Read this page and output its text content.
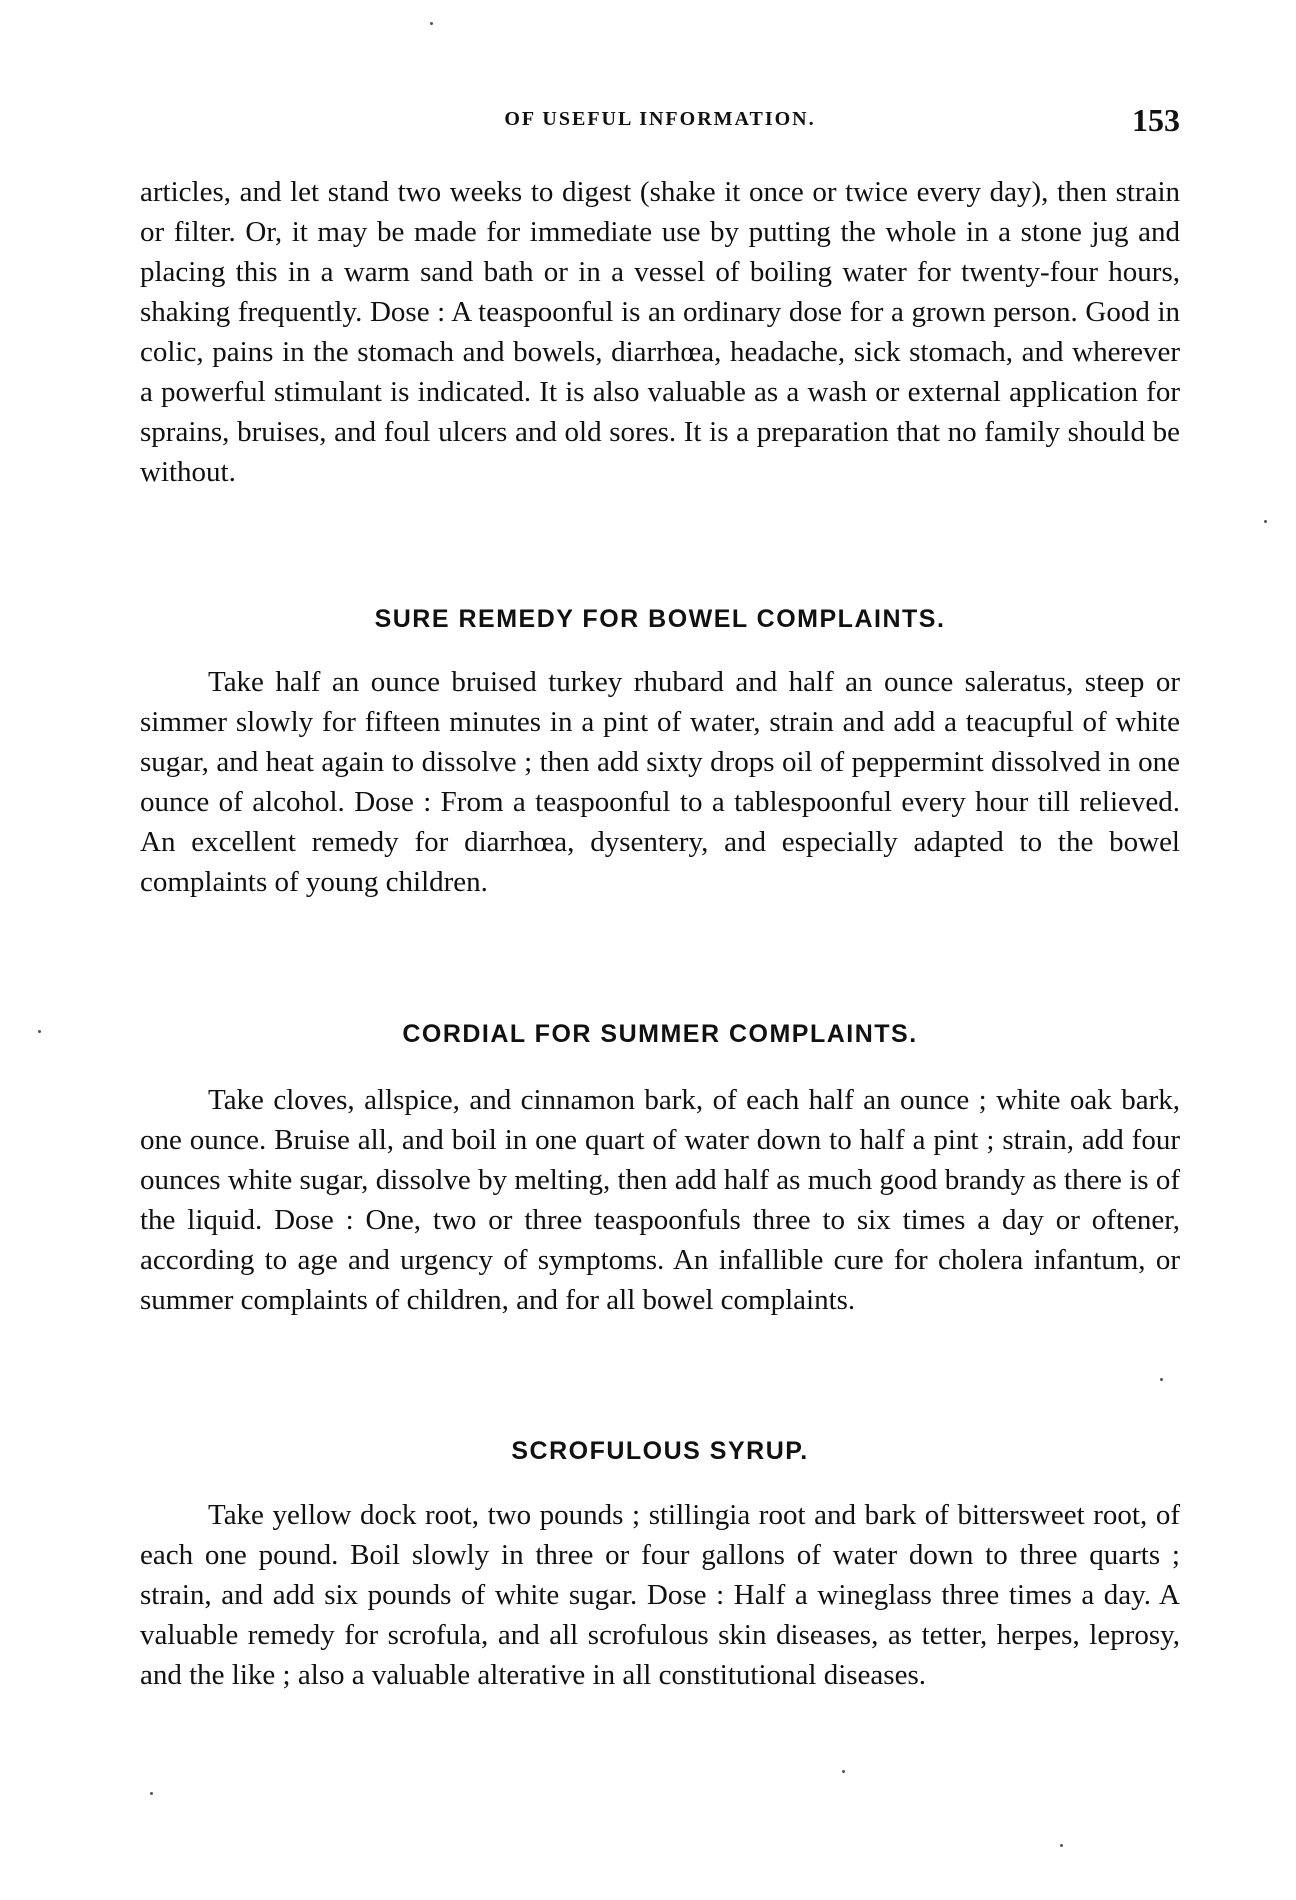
OF USEFUL INFORMATION.	153

articles, and let stand two weeks to digest (shake it once or twice every day), then strain or filter. Or, it may be made for immediate use by putting the whole in a stone jug and placing this in a warm sand bath or in a vessel of boiling water for twenty-four hours, shaking frequently. Dose : A teaspoonful is an ordinary dose for a grown person. Good in colic, pains in the stomach and bowels, diarrhœa, headache, sick stomach, and wherever a powerful stimulant is indicated. It is also valuable as a wash or external application for sprains, bruises, and foul ulcers and old sores. It is a preparation that no family should be without.

SURE REMEDY FOR BOWEL COMPLAINTS.

Take half an ounce bruised turkey rhubard and half an ounce saleratus, steep or simmer slowly for fifteen minutes in a pint of water, strain and add a teacupful of white sugar, and heat again to dissolve ; then add sixty drops oil of peppermint dissolved in one ounce of alcohol. Dose : From a teaspoonful to a tablespoonful every hour till relieved. An excellent remedy for diarrhœa, dysentery, and especially adapted to the bowel complaints of young children.

CORDIAL FOR SUMMER COMPLAINTS.

Take cloves, allspice, and cinnamon bark, of each half an ounce ; white oak bark, one ounce. Bruise all, and boil in one quart of water down to half a pint ; strain, add four ounces white sugar, dissolve by melting, then add half as much good brandy as there is of the liquid. Dose : One, two or three teaspoonfuls three to six times a day or oftener, according to age and urgency of symptoms. An infallible cure for cholera infantum, or summer complaints of children, and for all bowel complaints.

SCROFULOUS SYRUP.

Take yellow dock root, two pounds ; stillingia root and bark of bittersweet root, of each one pound. Boil slowly in three or four gallons of water down to three quarts ; strain, and add six pounds of white sugar. Dose : Half a wineglass three times a day. A valuable remedy for scrofula, and all scrofulous skin diseases, as tetter, herpes, leprosy, and the like ; also a valuable alterative in all constitutional diseases.
